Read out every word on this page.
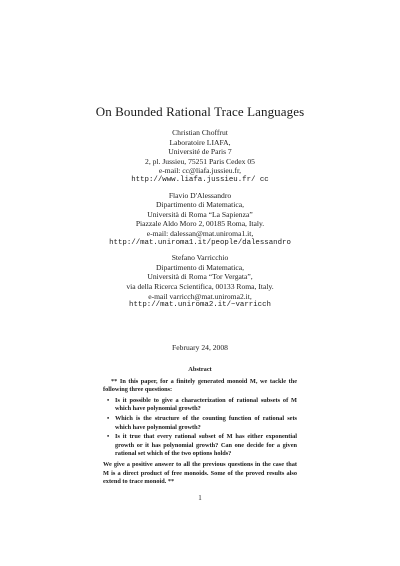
On Bounded Rational Trace Languages
Christian Choffrut
Laboratoire LIAFA,
Université de Paris 7
2, pl. Jussieu, 75251 Paris Cedex 05
e-mail: cc@liafa.jussieu.fr,
http://www.liafa.jussieu.fr/ cc
Flavio D'Alessandro
Dipartimento di Matematica,
Università di Roma “La Sapienza”
Piazzale Aldo Moro 2, 00185 Roma, Italy.
e-mail: dalessan@mat.uniroma1.it,
http://mat.uniroma1.it/people/dalessandro
Stefano Varricchio
Dipartimento di Matematica,
Università di Roma “Tor Vergata”,
via della Ricerca Scientifica, 00133 Roma, Italy.
e-mail varricch@mat.uniroma2.it,
http://mat.uniroma2.it/~varricch
February 24, 2008
Abstract

** In this paper, for a finitely generated monoid M, we tackle the following three questions:

• Is it possible to give a characterization of rational subsets of M which have polynomial growth?
• Which is the structure of the counting function of rational sets which have polynomial growth?
• Is it true that every rational subset of M has either exponential growth or it has polynomial growth? Can one decide for a given rational set which of the two options holds?

We give a positive answer to all the previous questions in the case that M is a direct product of free monoids. Some of the proved results also extend to trace monoid. **

1
